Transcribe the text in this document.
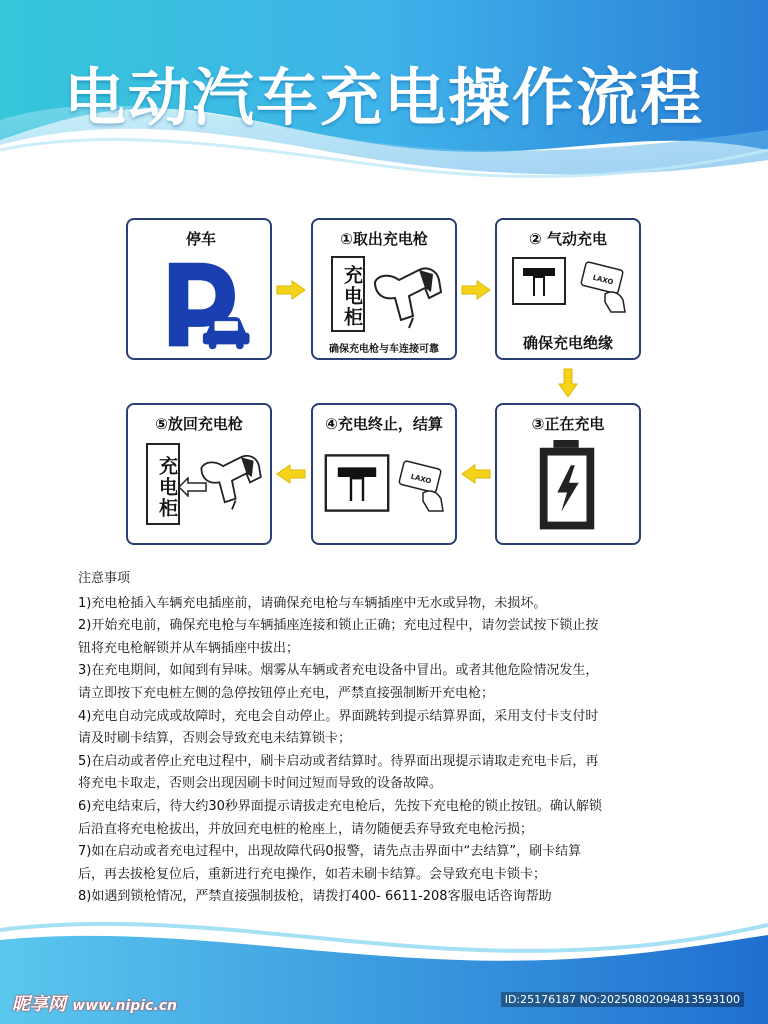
电动汽车充电操作流程
停车	①取出充电枪
充电柜
确保充电枪与车连接可靠
② 气动充电
LAXO
确保充电绝缘
③正在充电
④充电终止，结算
LAXO
⑤放回充电枪
充电柜

注意事项

1)充电枪插入车辆充电插座前，请确保充电枪与车辆插座中无水或异物，未损坏。

2)开始充电前，确保充电枪与车辆插座连接和锁止正确；充电过程中，请勿尝试按下锁止按

钮将充电枪解锁并从车辆插座中拔出；

3)在充电期间，如闻到有异味。烟雾从车辆或者充电设备中冒出。或者其他危险情况发生，

请立即按下充电桩左侧的急停按钮停止充电，严禁直接强制断开充电枪；

4)充电自动完成或故障时，充电会自动停止。界面跳转到提示结算界面，采用支付卡支付时

请及时刷卡结算，否则会导致充电未结算锁卡；

5)在启动或者停止充电过程中，刷卡启动或者结算时。待界面出现提示请取走充电卡后，再

将充电卡取走，否则会出现因刷卡时间过短而导致的设备故障。

6)充电结束后，待大约30秒界面提示请拔走充电枪后，先按下充电枪的锁止按钮。确认解锁

后沿直将充电枪拔出，并放回充电桩的枪座上，请勿随便丢弃导致充电枪污损；

7)如在启动或者充电过程中，出现故障代码0报警，请先点击界面中“去结算”，刷卡结算

后，再去拔枪复位后，重新进行充电操作，如若未刷卡结算。会导致充电卡锁卡；

8)如遇到锁枪情况，严禁直接强制拔枪，请拨打400- 6611-208客服电话咨询帮助

昵享网 www.nipic.cn	ID:25176187 NO:20250802094813593100
